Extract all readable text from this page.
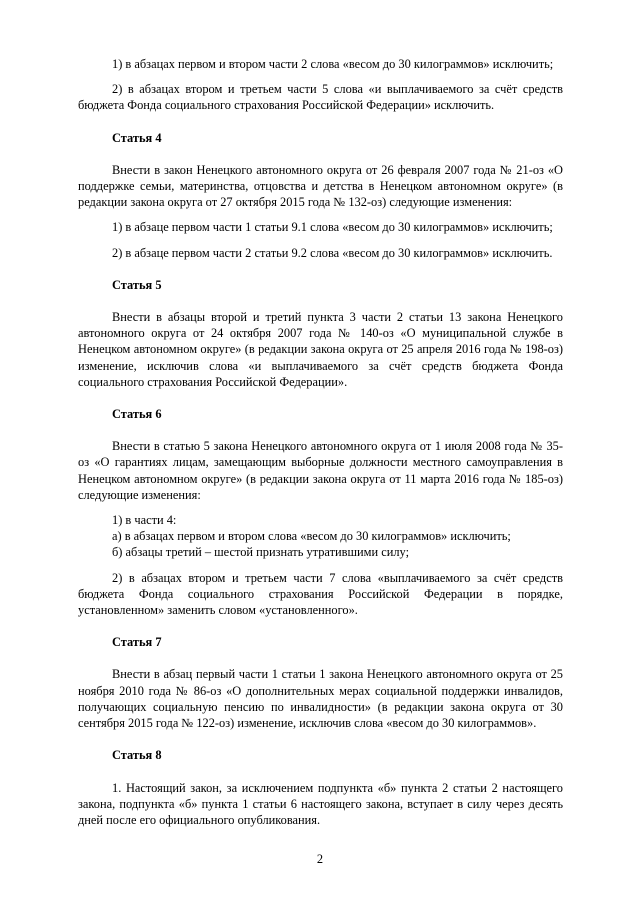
1) в абзацах первом и втором части 2 слова «весом до 30 килограммов» исключить;

2) в абзацах втором и третьем части 5 слова «и выплачиваемого за счёт средств бюджета Фонда социального страхования Российской Федерации» исключить.

Статья 4

Внести в закон Ненецкого автономного округа от 26 февраля 2007 года № 21-оз «О поддержке семьи, материнства, отцовства и детства в Ненецком автономном округе» (в редакции закона округа от 27 октября 2015 года № 132-оз) следующие изменения:

1) в абзаце первом части 1 статьи 9.1 слова «весом до 30 килограммов» исключить;

2) в абзаце первом части 2 статьи 9.2 слова «весом до 30 килограммов» исключить.

Статья 5

Внести в абзацы второй и третий пункта 3 части 2 статьи 13 закона Ненецкого автономного округа от 24 октября 2007 года № 140-оз «О муниципальной службе в Ненецком автономном округе» (в редакции закона округа от 25 апреля 2016 года № 198-оз) изменение, исключив слова «и выплачиваемого за счёт средств бюджета Фонда социального страхования Российской Федерации».

Статья 6

Внести в статью 5 закона Ненецкого автономного округа от 1 июля 2008 года № 35-оз «О гарантиях лицам, замещающим выборные должности местного самоуправления в Ненецком автономном округе» (в редакции закона округа от 11 марта 2016 года № 185-оз) следующие изменения:

1) в части 4:

а) в абзацах первом и втором слова «весом до 30 килограммов» исключить;

б) абзацы третий – шестой признать утратившими силу;

2) в абзацах втором и третьем части 7 слова «выплачиваемого за счёт средств бюджета Фонда социального страхования Российской Федерации в порядке, установленном» заменить словом «установленного».

Статья 7

Внести в абзац первый части 1 статьи 1 закона Ненецкого автономного округа от 25 ноября 2010 года № 86-оз «О дополнительных мерах социальной поддержки инвалидов, получающих социальную пенсию по инвалидности» (в редакции закона округа от 30 сентября 2015 года № 122-оз) изменение, исключив слова «весом до 30 килограммов».

Статья 8

1. Настоящий закон, за исключением подпункта «б» пункта 2 статьи 2 настоящего закона, подпункта «б» пункта 1 статьи 6 настоящего закона, вступает в силу через десять дней после его официального опубликования.

2
